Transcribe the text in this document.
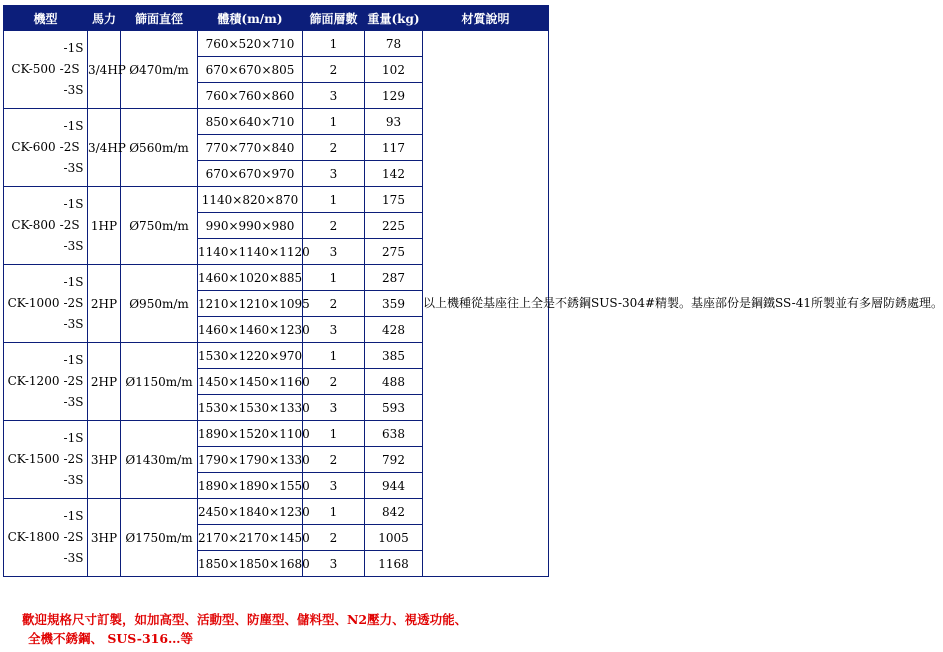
機型	馬力	篩面直徑	體積(m/m)	篩面層數	重量(kg)	材質說明

-1S
CK-500 -2S
-3S	3/4HP	Ø470m/m	760×520×710	1	78	以上機種從基座往上全是不銹鋼SUS-304#精製。基座部份是鋼鐵SS-41所製並有多層防銹處理。
			670×670×805	2	102	
			760×760×860	3	129	

-1S
CK-600 -2S
-3S	3/4HP	Ø560m/m	850×640×710	1	93	
			770×770×840	2	117	
			670×670×970	3	142	

-1S
CK-800 -2S
-3S	1HP	Ø750m/m	1140×820×870	1	175	
			990×990×980	2	225	
			1140×1140×1120	3	275	

-1S
CK-1000 -2S
-3S	2HP	Ø950m/m	1460×1020×885	1	287	
			1210×1210×1095	2	359	
			1460×1460×1230	3	428	

-1S
CK-1200 -2S
-3S	2HP	Ø1150m/m	1530×1220×970	1	385	
			1450×1450×1160	2	488	
			1530×1530×1330	3	593	

-1S
CK-1500 -2S
-3S	3HP	Ø1430m/m	1890×1520×1100	1	638	
			1790×1790×1330	2	792	
			1890×1890×1550	3	944	

-1S
CK-1800 -2S
-3S	3HP	Ø1750m/m	2450×1840×1230	1	842	
			2170×2170×1450	2	1005	
			1850×1850×1680	3	1168	
歡迎規格尺寸訂製，如加高型、活動型、防塵型、儲料型、N2壓力、視透功能、
全機不銹鋼、 SUS-316…等
